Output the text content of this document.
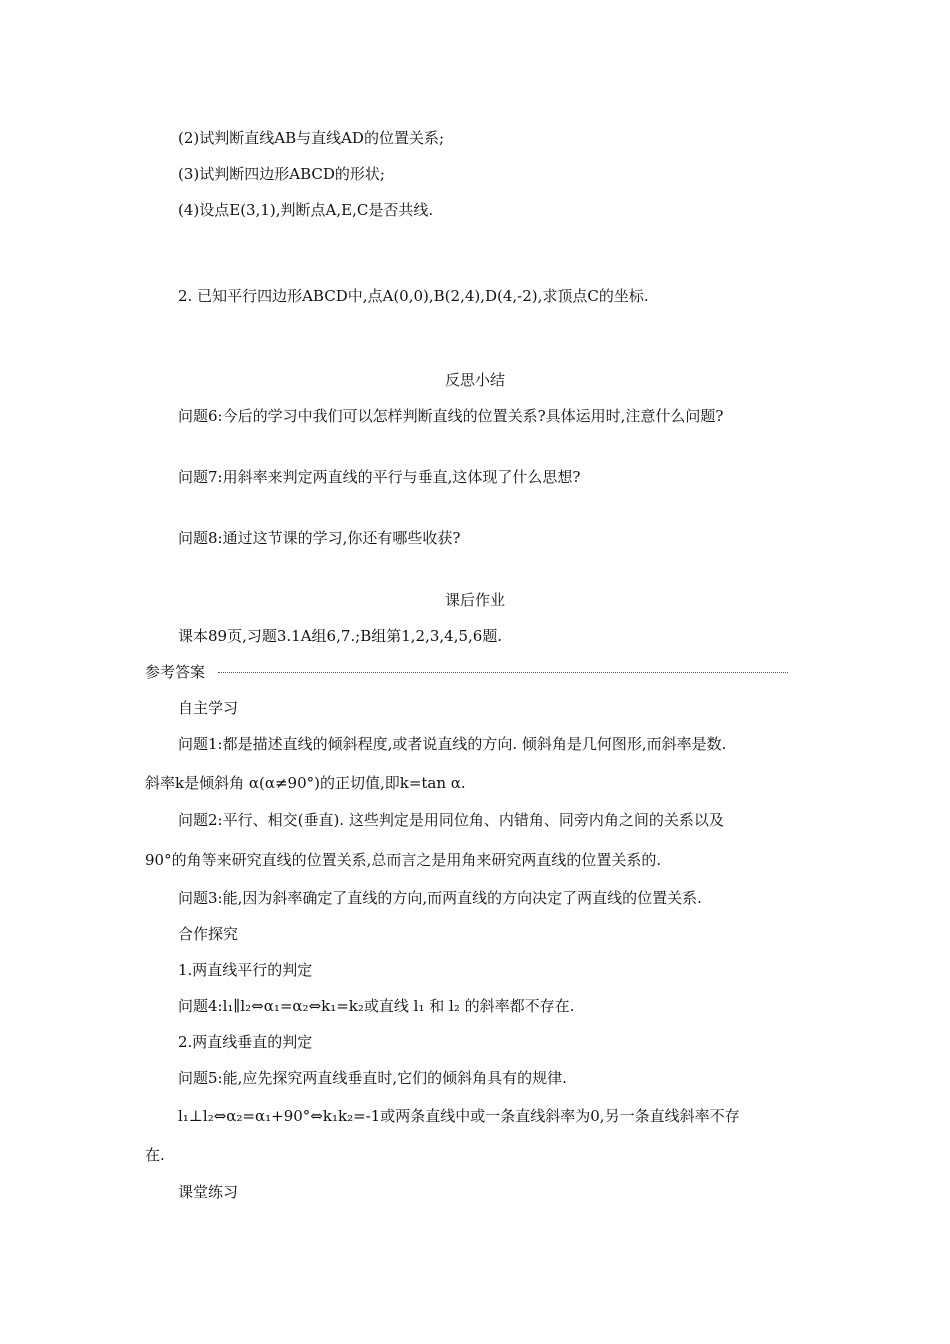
(2)试判断直线AB与直线AD的位置关系;
(3)试判断四边形ABCD的形状;
(4)设点E(3,1),判断点A,E,C是否共线.
2. 已知平行四边形ABCD中,点A(0,0),B(2,4),D(4,-2),求顶点C的坐标.
反思小结
问题6:今后的学习中我们可以怎样判断直线的位置关系?具体运用时,注意什么问题?
问题7:用斜率来判定两直线的平行与垂直,这体现了什么思想?
问题8:通过这节课的学习,你还有哪些收获?
课后作业
课本89页,习题3.1A组6,7.;B组第1,2,3,4,5,6题.
参考答案
自主学习
问题1:都是描述直线的倾斜程度,或者说直线的方向. 倾斜角是几何图形,而斜率是数.
斜率k是倾斜角 α(α≠90°)的正切值,即k=tan α.
问题2:平行、相交(垂直). 这些判定是用同位角、内错角、同旁内角之间的关系以及
90°的角等来研究直线的位置关系,总而言之是用角来研究两直线的位置关系的.
问题3:能,因为斜率确定了直线的方向,而两直线的方向决定了两直线的位置关系.
合作探究
1.两直线平行的判定
问题4:l₁∥l₂⇔α₁=α₂⇔k₁=k₂或直线 l₁ 和 l₂ 的斜率都不存在.
2.两直线垂直的判定
问题5:能,应先探究两直线垂直时,它们的倾斜角具有的规律.
l₁⊥l₂⇔α₂=α₁+90°⇔k₁k₂=-1或两条直线中或一条直线斜率为0,另一条直线斜率不存
在.
课堂练习
